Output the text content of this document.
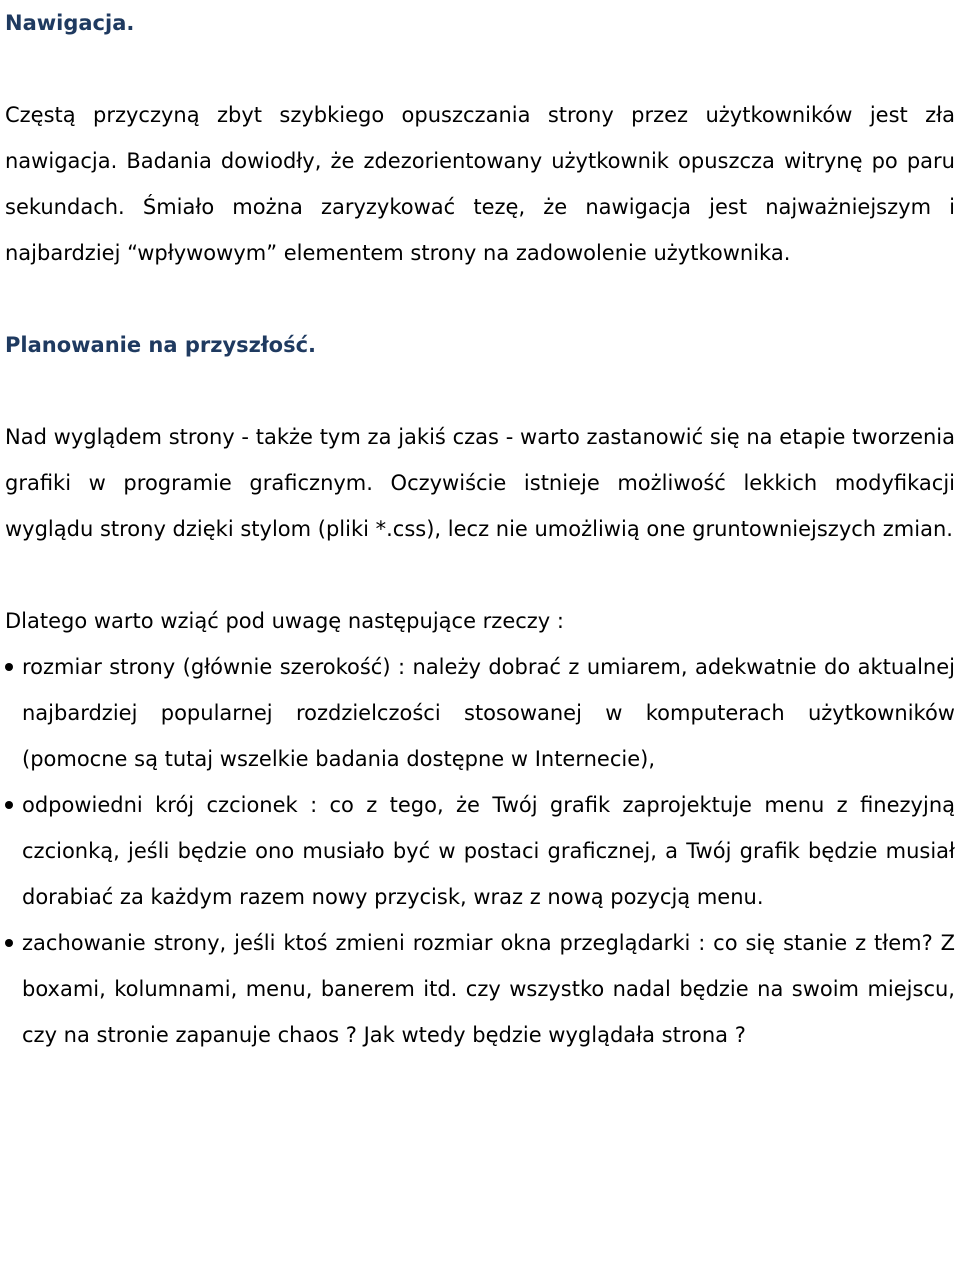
Nawigacja.

Częstą przyczyną zbyt szybkiego opuszczania strony przez użytkowników jest zła nawigacja. Badania dowiodły, że zdezorientowany użytkownik opuszcza witrynę po paru sekundach. Śmiało można zaryzykować tezę, że nawigacja jest najważniejszym i najbardziej “wpływowym” elementem strony na zadowolenie użytkownika.

Planowanie na przyszłość.

Nad wyglądem strony - także tym za jakiś czas - warto zastanowić się na etapie tworzenia grafiki w programie graficznym. Oczywiście istnieje możliwość lekkich modyfikacji wyglądu strony dzięki stylom (pliki *.css), lecz nie umożliwią one gruntowniejszych zmian.

Dlatego warto wziąć pod uwagę następujące rzeczy :

rozmiar strony (głównie szerokość) : należy dobrać z umiarem, adekwatnie do aktualnej najbardziej popularnej rozdzielczości stosowanej w komputerach użytkowników (pomocne są tutaj wszelkie badania dostępne w Internecie),
odpowiedni krój czcionek : co z tego, że Twój grafik zaprojektuje menu z finezyjną czcionką, jeśli będzie ono musiało być w postaci graficznej, a Twój grafik będzie musiał dorabiać za każdym razem nowy przycisk, wraz z nową pozycją menu.
zachowanie strony, jeśli ktoś zmieni rozmiar okna przeglądarki : co się stanie z tłem? Z boxami, kolumnami, menu, banerem itd. czy wszystko nadal będzie na swoim miejscu, czy na stronie zapanuje chaos ? Jak wtedy będzie wyglądała strona ?
